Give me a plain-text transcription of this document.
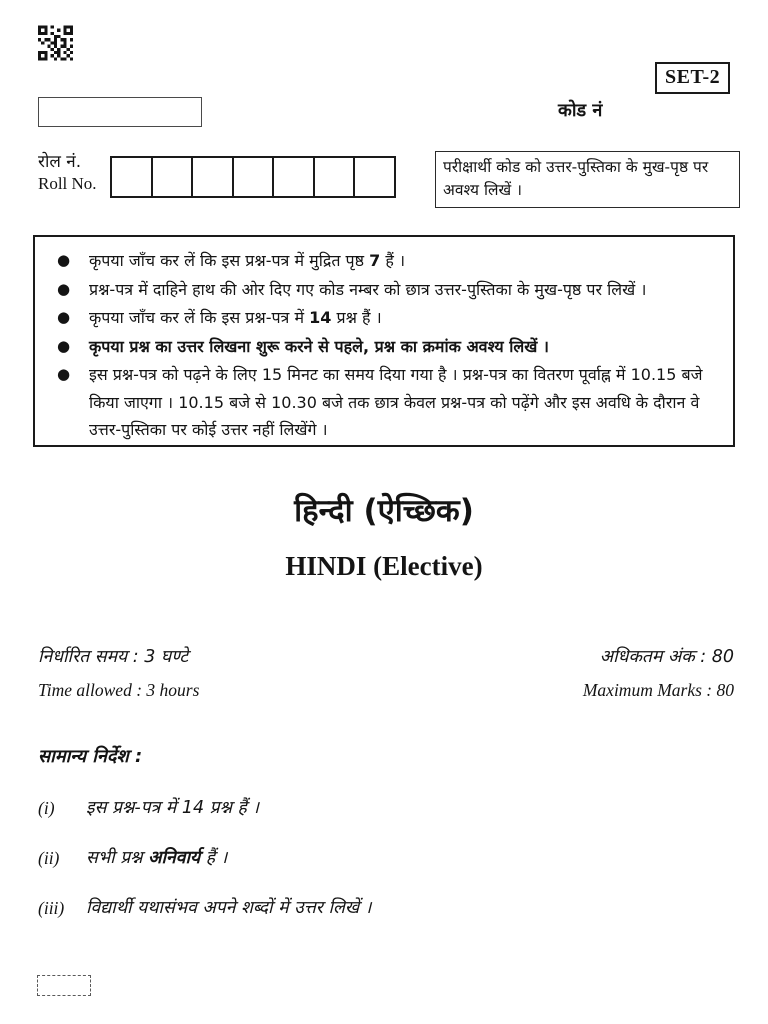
SET-2
कोड नं
रोल नं.
Roll No.
परीक्षार्थी कोड को उत्तर-पुस्तिका के मुख-पृष्ठ पर अवश्य लिखें ।
●	कृपया जाँच कर लें कि इस प्रश्न-पत्र में मुद्रित पृष्ठ 7 हैं ।
●	प्रश्न-पत्र में दाहिने हाथ की ओर दिए गए कोड नम्बर को छात्र उत्तर-पुस्तिका के मुख-पृष्ठ पर लिखें ।
●	कृपया जाँच कर लें कि इस प्रश्न-पत्र में 14 प्रश्न हैं ।
●	कृपया प्रश्न का उत्तर लिखना शुरू करने से पहले, प्रश्न का क्रमांक अवश्य लिखें ।
●	इस प्रश्न-पत्र को पढ़ने के लिए 15 मिनट का समय दिया गया है । प्रश्न-पत्र का वितरण पूर्वाह्न में 10.15 बजे किया जाएगा । 10.15 बजे से 10.30 बजे तक छात्र केवल प्रश्न-पत्र को पढ़ेंगे और इस अवधि के दौरान वे उत्तर-पुस्तिका पर कोई उत्तर नहीं लिखेंगे ।
हिन्दी (ऐच्छिक)
HINDI (Elective)
निर्धारित समय : 3 घण्टे	अधिकतम अंक : 80
Time allowed : 3 hours	Maximum Marks : 80
सामान्य निर्देश :
(i)	इस प्रश्न-पत्र में 14 प्रश्न हैं ।
(ii)	सभी प्रश्न अनिवार्य हैं ।
(iii)	विद्यार्थी यथासंभव अपने शब्दों में उत्तर लिखें ।
